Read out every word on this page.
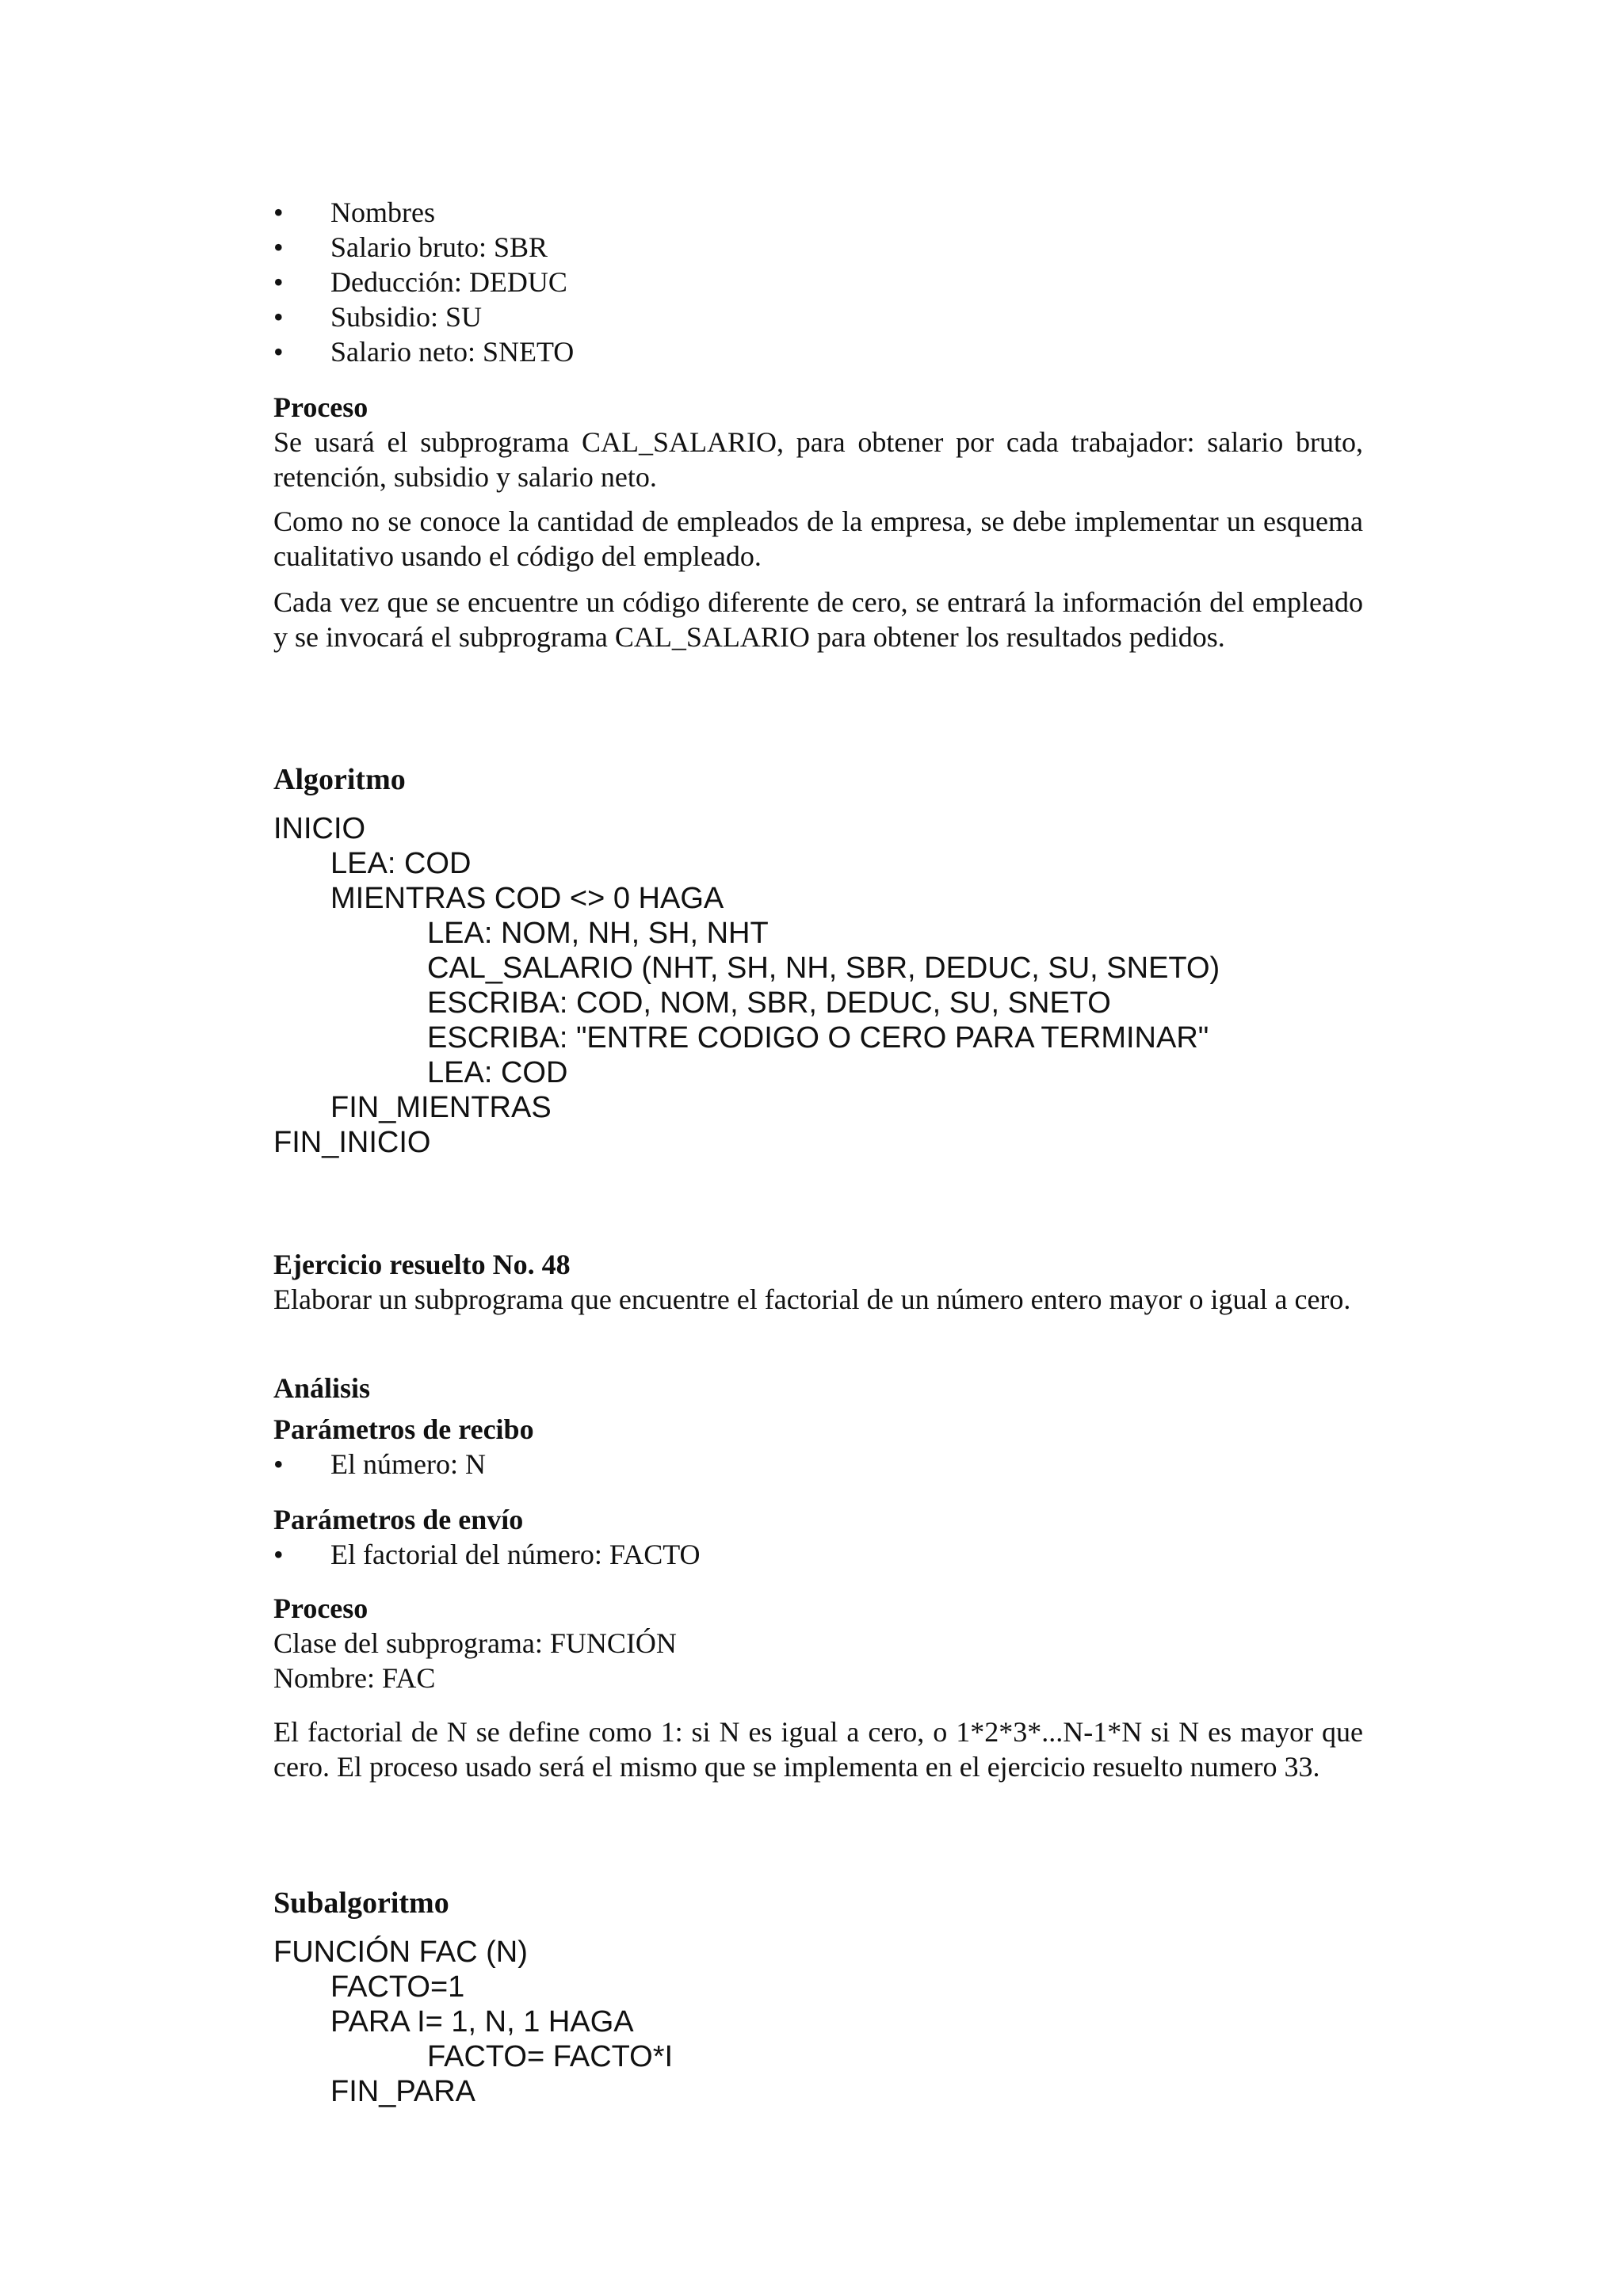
• Nombres
• Salario bruto: SBR
• Deducción: DEDUC
• Subsidio: SU
• Salario neto: SNETO
Proceso
Se usará el subprograma CAL_SALARIO, para obtener por cada trabajador: salario bruto, retención, subsidio y salario neto.
Como no se conoce la cantidad de empleados de la empresa, se debe implementar un esquema cualitativo usando el código del empleado.
Cada vez que se encuentre un código diferente de cero, se entrará la información del empleado y se invocará el subprograma CAL_SALARIO para obtener los resultados pedidos.
Algoritmo
INICIO
LEA: COD
MIENTRAS COD <> 0 HAGA
LEA: NOM, NH, SH, NHT
CAL_SALARIO (NHT, SH, NH, SBR, DEDUC, SU, SNETO)
ESCRIBA: COD, NOM, SBR, DEDUC, SU, SNETO
ESCRIBA: "ENTRE CODIGO O CERO PARA TERMINAR"
LEA: COD
FIN_MIENTRAS
FIN_INICIO
Ejercicio resuelto No. 48
Elaborar un subprograma que encuentre el factorial de un número entero mayor o igual a cero.
Análisis
Parámetros de recibo
• El número: N
Parámetros de envío
• El factorial del número: FACTO
Proceso
Clase del subprograma: FUNCIÓN
Nombre: FAC
El factorial de N se define como 1: si N es igual a cero, o 1*2*3*...N-1*N si N es mayor que cero. El proceso usado será el mismo que se implementa en el ejercicio resuelto numero 33.
Subalgoritmo
FUNCIÓN FAC (N)
FACTO=1
PARA I= 1, N, 1 HAGA
FACTO= FACTO*I
FIN_PARA
